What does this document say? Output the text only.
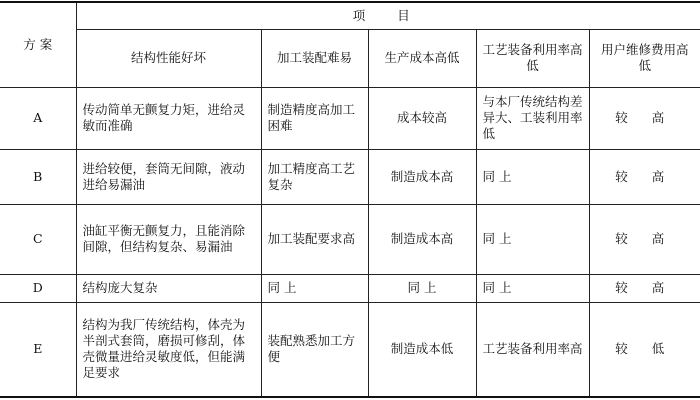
方 案	项 目				
	结构性能好坏	加工装配难易	生产成本高低	工艺装备利用率高低	用户维修费用高低
A	传动简单无颤复力矩，进给灵敏而准确	制造精度高加工困难	成本较高	与本厂传统结构差异大、工装利用率低	较 高
B	进给较便，套筒无间隙，液动进给易漏油	加工精度高工艺复杂	制造成本高	同 上	较 高
C	油缸平衡无颤复力，且能消除间隙，但结构复杂、易漏油	加工装配要求高	制造成本高	同 上	较 高
D	结构庞大复杂	同 上	同 上	同 上	较 高
E	结构为我厂传统结构，体壳为半剖式套筒，磨损可修刮，体壳微量进给灵敏度低，但能满足要求	装配熟悉加工方便	制造成本低	工艺装备利用率高	较 低
